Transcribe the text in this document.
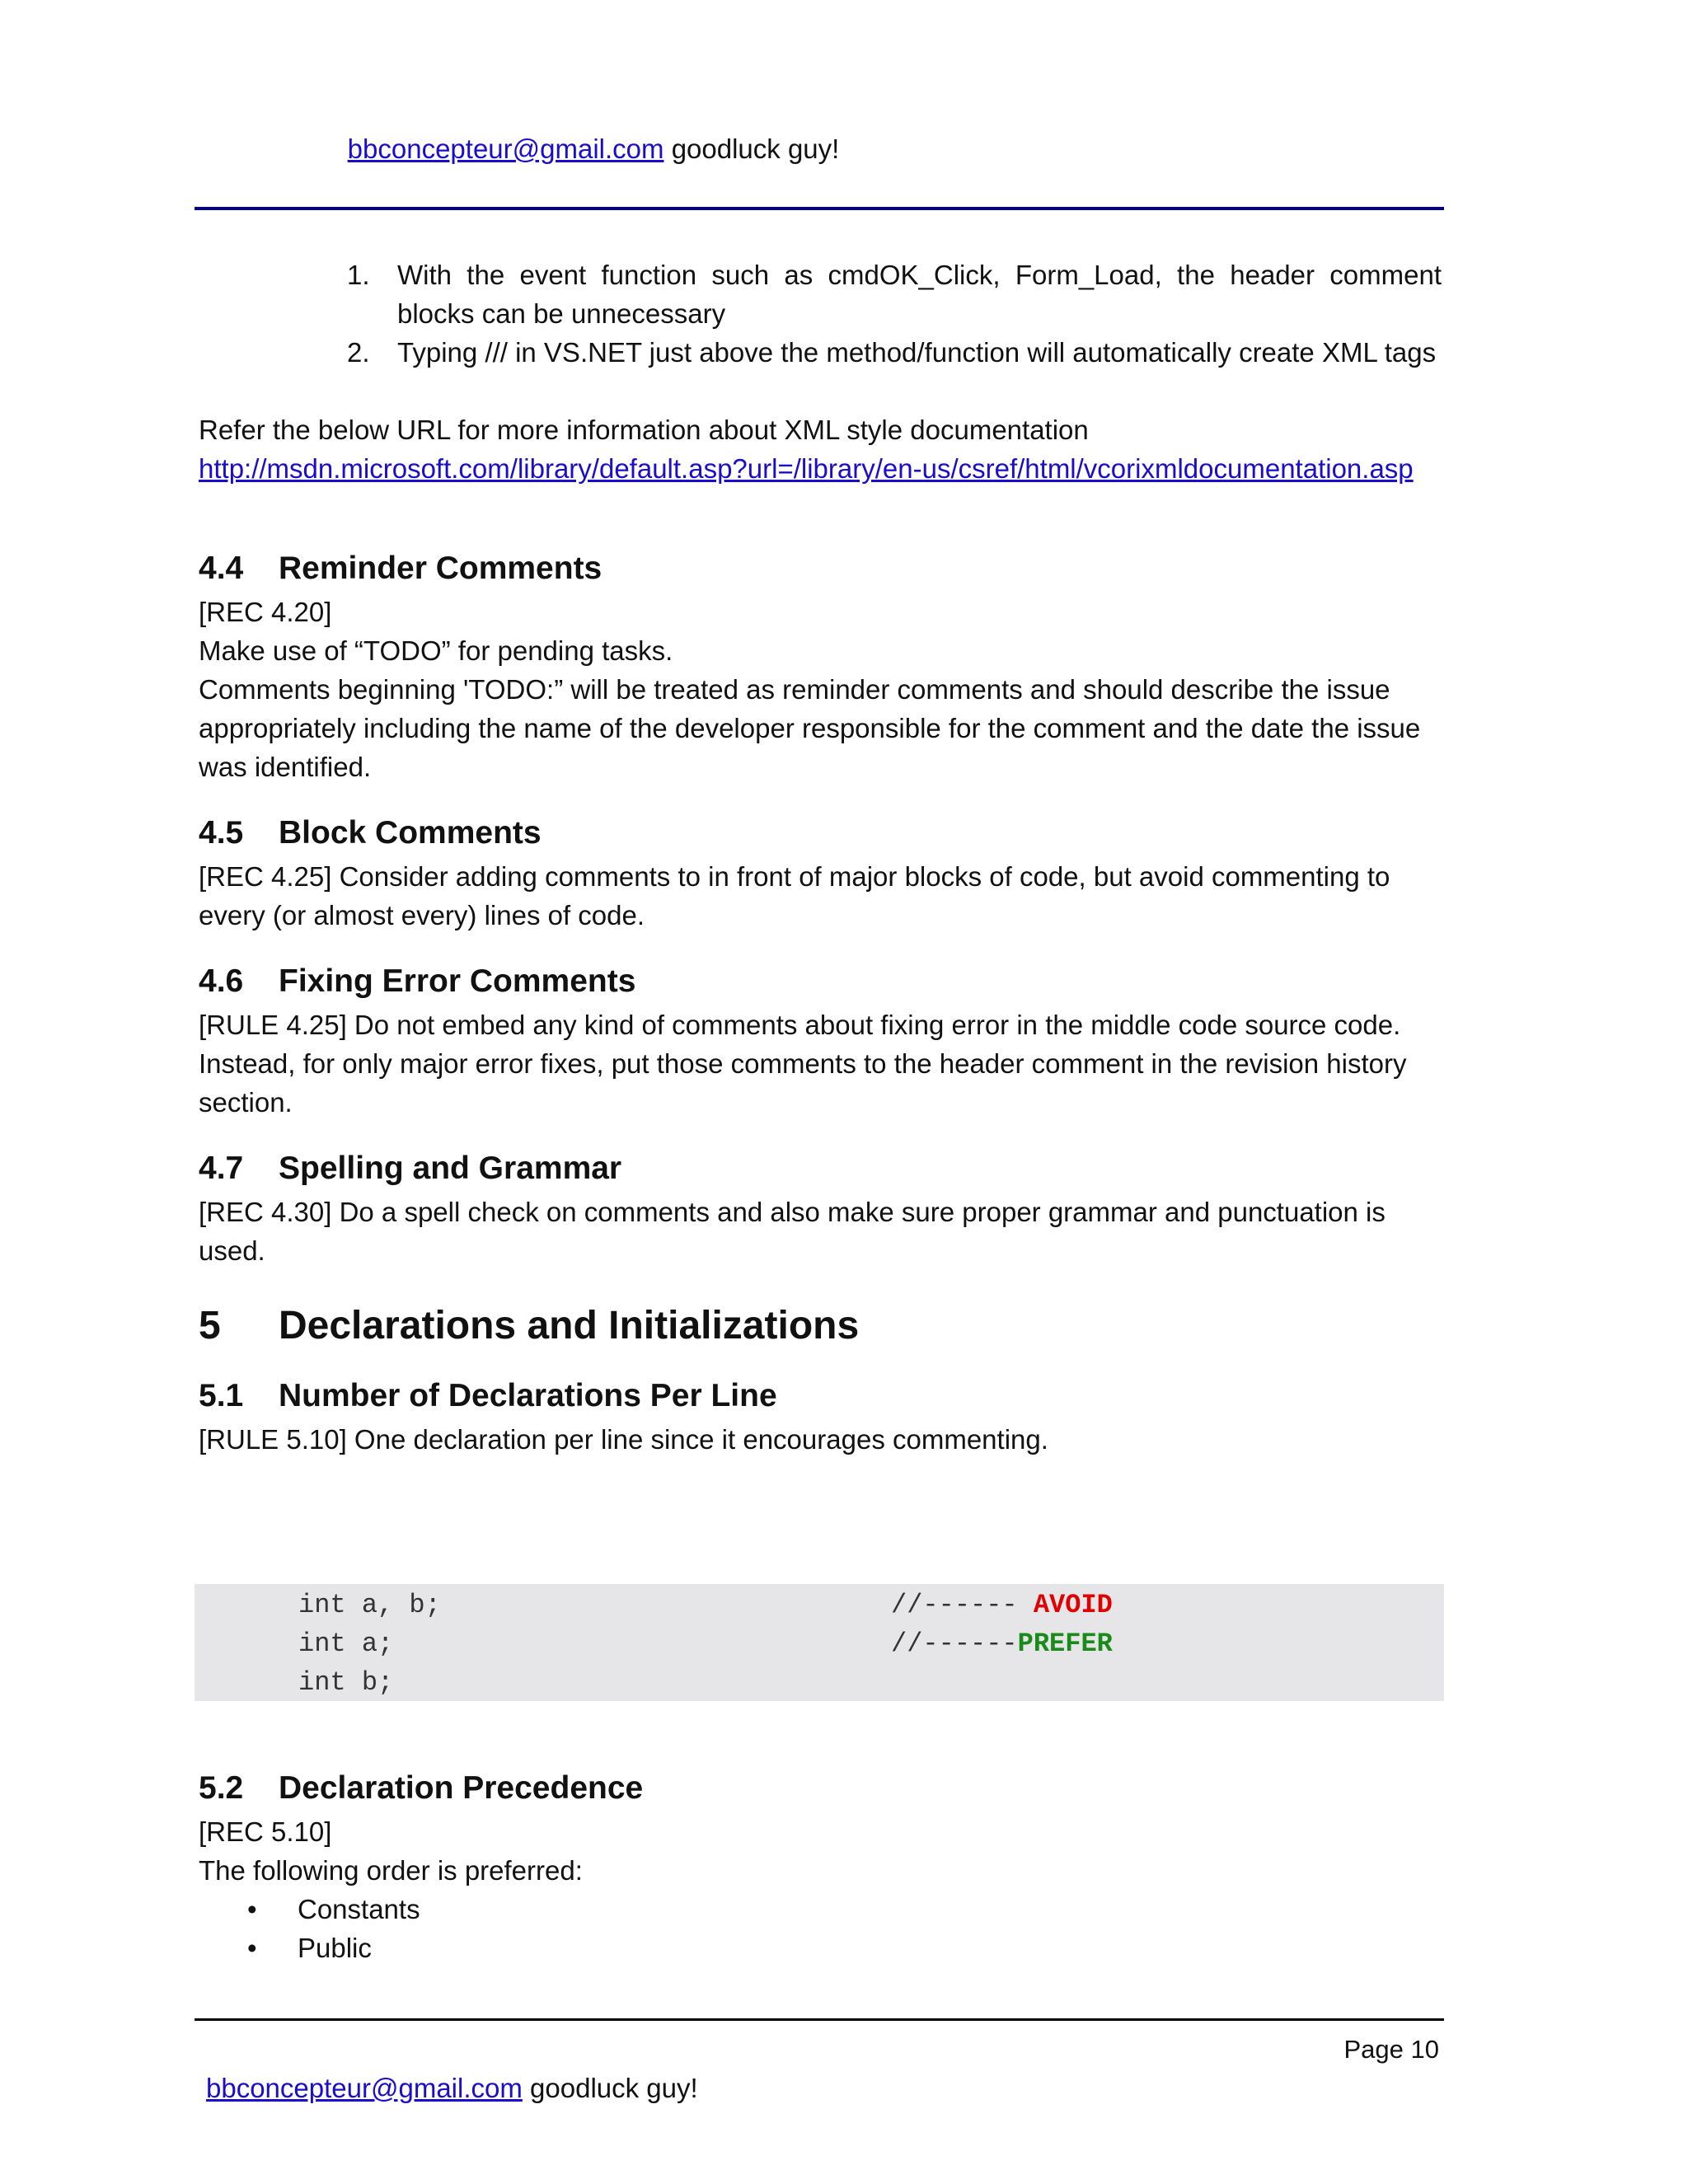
bbconcepteur@gmail.com goodluck guy!
1. With the event function such as cmdOK_Click, Form_Load, the header comment blocks can be unnecessary
2. Typing /// in VS.NET just above the method/function will automatically create XML tags

Refer the below URL for more information about XML style documentation

http://msdn.microsoft.com/library/default.asp?url=/library/en-us/csref/html/vcorixmldocumentation.asp

4.4 Reminder Comments

[REC 4.20]

Make use of “TODO” for pending tasks.

Comments beginning 'TODO:” will be treated as reminder comments and should describe the issue appropriately including the name of the developer responsible for the comment and the date the issue was identified.

4.5 Block Comments

[REC 4.25] Consider adding comments to in front of major blocks of code, but avoid commenting to every (or almost every) lines of code.

4.6 Fixing Error Comments

[RULE 4.25] Do not embed any kind of comments about fixing error in the middle code source code. Instead, for only major error fixes, put those comments to the header comment in the revision history section.

4.7 Spelling and Grammar

[REC 4.30] Do a spell check on comments and also make sure proper grammar and punctuation is used.

5 Declarations and Initializations
5.1 Number of Declarations Per Line

[RULE 5.10] One declaration per line since it encourages commenting.

int a, b;
int a;
int b;
//------ AVOID
//------PREFER
5.2 Declaration Precedence

[REC 5.10]

The following order is preferred:

• Constants
• Public
Page 10
bbconcepteur@gmail.com goodluck guy!
